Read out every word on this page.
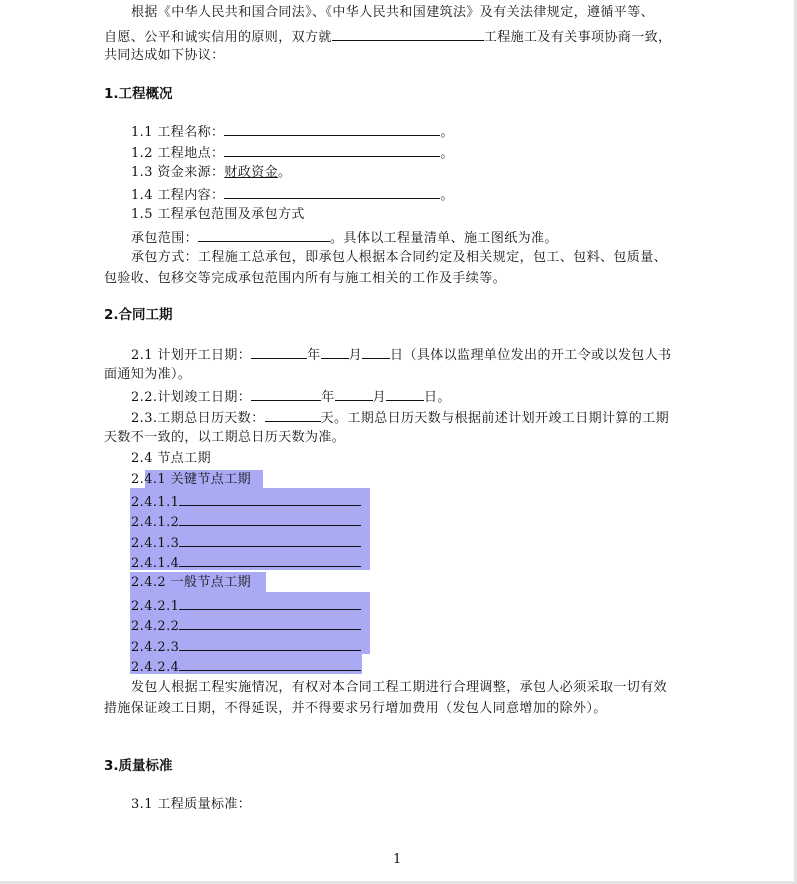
根据《中华人民共和国合同法》、《中华人民共和国建筑法》及有关法律规定，遵循平等、
自愿、公平和诚实信用的原则，双方就	工程施工及有关事项协商一致，
共同达成如下协议：
1.工程概况
1.1 工程名称：	。
1.2 工程地点：	。
1.3 资金来源：财政资金。
1.4 工程内容：	。
1.5 工程承包范围及承包方式
承包范围：	。具体以工程量清单、施工图纸为准。
承包方式：工程施工总承包，即承包人根据本合同约定及相关规定，包工、包料、包质量、
包验收、包移交等完成承包范围内所有与施工相关的工作及手续等。
2.合同工期
2.1 计划开工日期：	年 月 日（具体以监理单位发出的开工令或以发包人书
面通知为准）。
2.2.计划竣工日期：	年	月	日。
2.3.工期总日历天数：	天。工期总日历天数与根据前述计划开竣工日期计算的工期
天数不一致的，以工期总日历天数为准。
2.4 节点工期
2.4.1 关键节点工期
2.4.1.1
2.4.1.2
2.4.1.3
2.4.1.4
2.4.2 一般节点工期
2.4.2.1
2.4.2.2
2.4.2.3
2.4.2.4
发包人根据工程实施情况，有权对本合同工程工期进行合理调整，承包人必须采取一切有效
措施保证竣工日期，不得延误，并不得要求另行增加费用（发包人同意增加的除外）。
3.质量标准
3.1 工程质量标准：
1
